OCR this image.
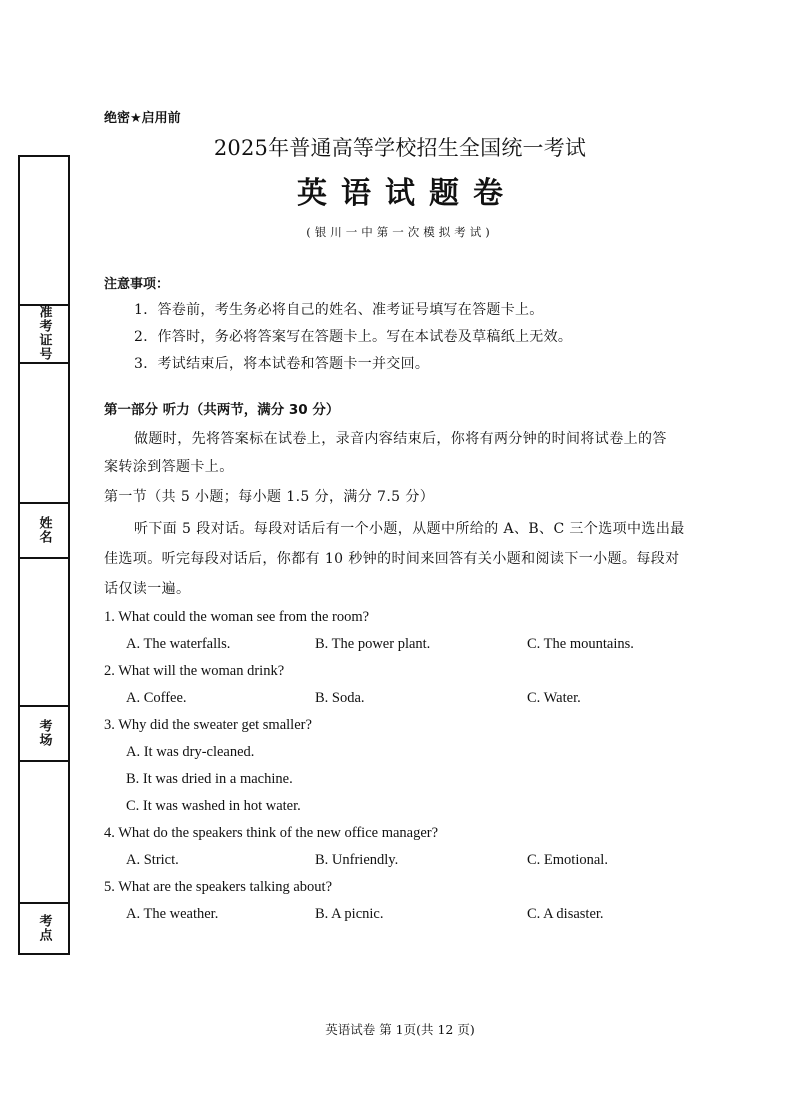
准考证号
姓名
考场
考点
绝密★启用前
2025年普通高等学校招生全国统一考试
英语试题卷
(银川一中第一次模拟考试)
注意事项：
1．答卷前，考生务必将自己的姓名、准考证号填写在答题卡上。
2．作答时，务必将答案写在答题卡上。写在本试卷及草稿纸上无效。
3．考试结束后，将本试卷和答题卡一并交回。
第一部分 听力（共两节，满分 30 分）
做题时，先将答案标在试卷上，录音内容结束后，你将有两分钟的时间将试卷上的答
案转涂到答题卡上。
第一节（共 5 小题；每小题 1.5 分，满分 7.5 分）
听下面 5 段对话。每段对话后有一个小题，从题中所给的 A、B、C 三个选项中选出最
佳选项。听完每段对话后，你都有 10 秒钟的时间来回答有关小题和阅读下一小题。每段对
话仅读一遍。
1. What could the woman see from the room?
A. The waterfalls.	B. The power plant.	C. The mountains.
2. What will the woman drink?
A. Coffee.	B. Soda.	C. Water.
3. Why did the sweater get smaller?
A. It was dry-cleaned.
B. It was dried in a machine.
C. It was washed in hot water.
4. What do the speakers think of the new office manager?
A. Strict.	B. Unfriendly.	C. Emotional.
5. What are the speakers talking about?
A. The weather.	B. A picnic.	C. A disaster.
英语试卷 第 1页(共 12 页)
